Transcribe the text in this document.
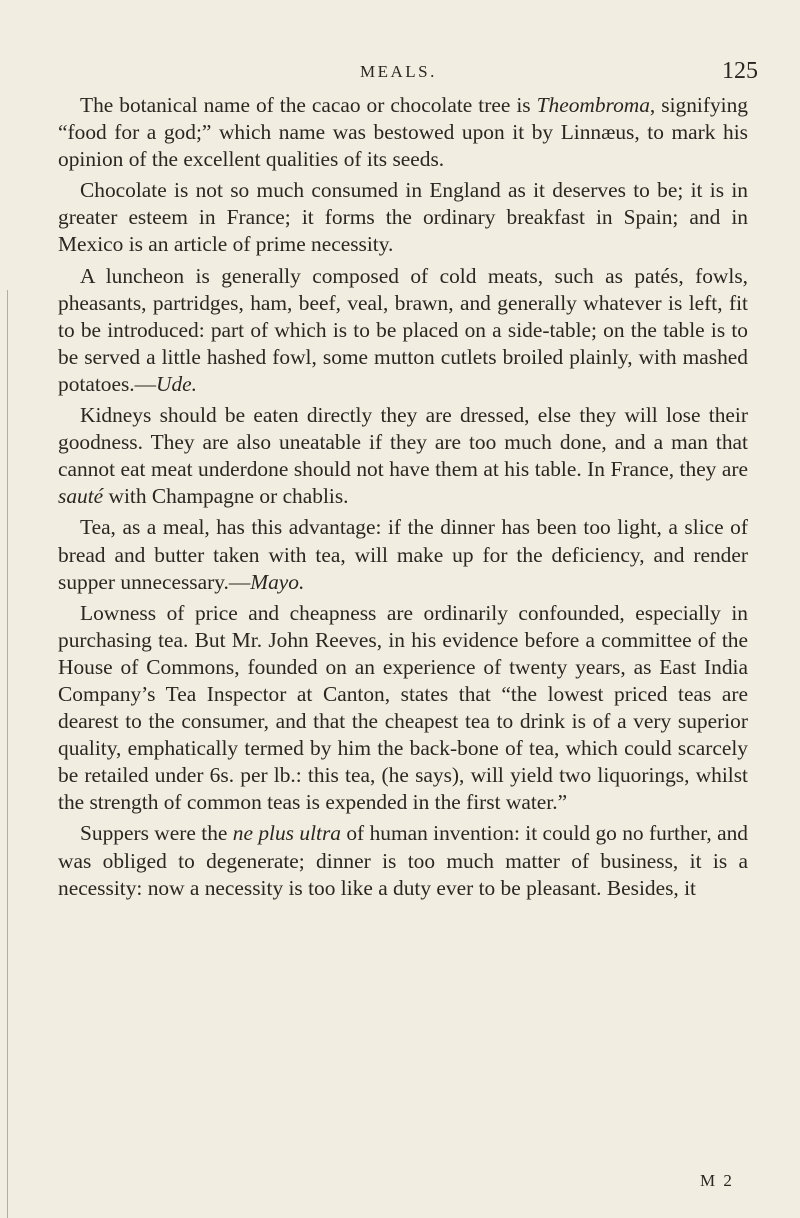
MEALS.	125

The botanical name of the cacao or chocolate tree is Theombroma, signifying “food for a god;” which name was bestowed upon it by Linnæus, to mark his opinion of the excellent qualities of its seeds.

Chocolate is not so much consumed in England as it deserves to be; it is in greater esteem in France; it forms the ordinary breakfast in Spain; and in Mexico is an article of prime necessity.

A luncheon is generally composed of cold meats, such as patés, fowls, pheasants, partridges, ham, beef, veal, brawn, and generally whatever is left, fit to be introduced: part of which is to be placed on a side-table; on the table is to be served a little hashed fowl, some mutton cutlets broiled plainly, with mashed potatoes.—Ude.

Kidneys should be eaten directly they are dressed, else they will lose their goodness. They are also uneatable if they are too much done, and a man that cannot eat meat underdone should not have them at his table. In France, they are sauté with Champagne or chablis.

Tea, as a meal, has this advantage: if the dinner has been too light, a slice of bread and butter taken with tea, will make up for the deficiency, and render supper unnecessary.—Mayo.

Lowness of price and cheapness are ordinarily confounded, especially in purchasing tea. But Mr. John Reeves, in his evidence before a committee of the House of Commons, founded on an experience of twenty years, as East India Company’s Tea Inspector at Canton, states that “the lowest priced teas are dearest to the consumer, and that the cheapest tea to drink is of a very superior quality, emphatically termed by him the back-bone of tea, which could scarcely be retailed under 6s. per lb.: this tea, (he says), will yield two liquorings, whilst the strength of common teas is expended in the first water.”

Suppers were the ne plus ultra of human invention: it could go no further, and was obliged to degenerate; dinner is too much matter of business, it is a necessity: now a necessity is too like a duty ever to be pleasant. Besides, it

M 2
